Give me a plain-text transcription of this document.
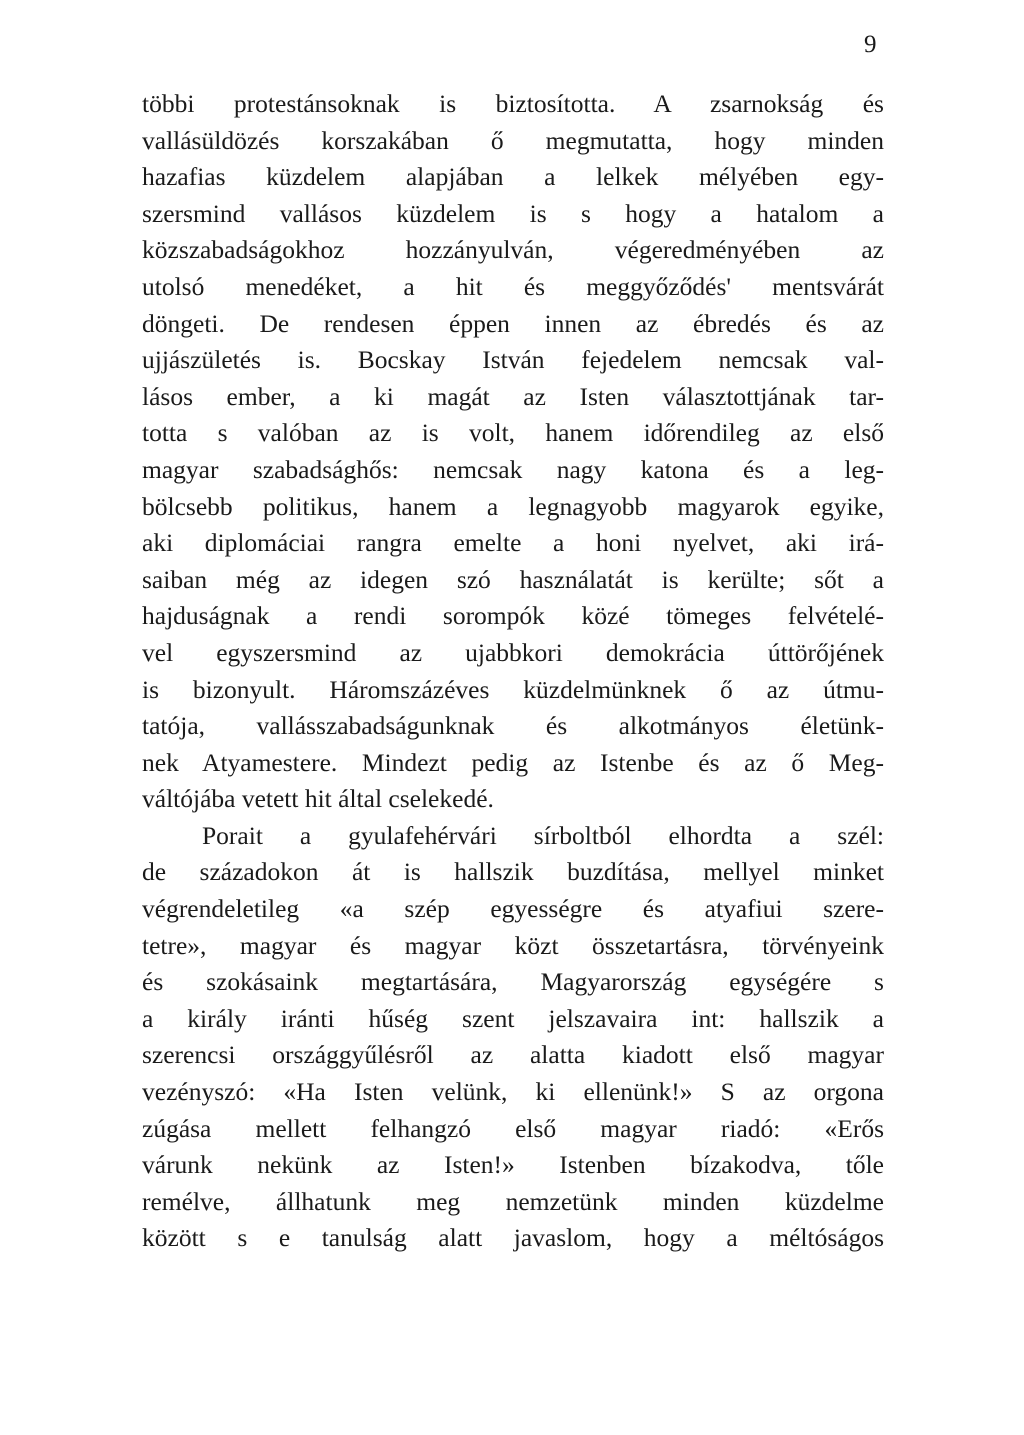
9
többi protestánsoknak is biztosította. A zsarnokság és
vallásüldözés korszakában ő megmutatta, hogy minden
hazafias küzdelem alapjában a lelkek mélyében egy-
szersmind vallásos küzdelem is s hogy a hatalom a
közszabadságokhoz hozzányulván, végeredményében az
utolsó menedéket, a hit és meggyőződés' mentsvárát
döngeti. De rendesen éppen innen az ébredés és az
ujjászületés is. Bocskay István fejedelem nemcsak val-
lásos ember, a ki magát az Isten választottjának tar-
totta s valóban az is volt, hanem időrendileg az első
magyar szabadsághős: nemcsak nagy katona és a leg-
bölcsebb politikus, hanem a legnagyobb magyarok egyike,
aki diplomáciai rangra emelte a honi nyelvet, aki irá-
saiban még az idegen szó használatát is kerülte; sőt a
hajduságnak a rendi sorompók közé tömeges felvételé-
vel egyszersmind az ujabbkori demokrácia úttörőjének
is bizonyult. Háromszázéves küzdelmünknek ő az útmu-
tatója, vallásszabadságunknak és alkotmányos életünk-
nek Atyamestere. Mindezt pedig az Istenbe és az ő Meg-
váltójába vetett hit által cselekedé.
Porait a gyulafehérvári sírboltból elhordta a szél:
de századokon át is hallszik buzdítása, mellyel minket
végrendeletileg «a szép egyességre és atyafiui szere-
tetre», magyar és magyar közt összetartásra, törvényeink
és szokásaink megtartására, Magyarország egységére s
a király iránti hűség szent jelszavaira int: hallszik a
szerencsi országgyűlésről az alatta kiadott első magyar
vezényszó: «Ha Isten velünk, ki ellenünk!» S az orgona
zúgása mellett felhangzó első magyar riadó: «Erős
várunk nekünk az Isten!» Istenben bízakodva, tőle
remélve, állhatunk meg nemzetünk minden küzdelme
között s e tanulság alatt javaslom, hogy a méltóságos
